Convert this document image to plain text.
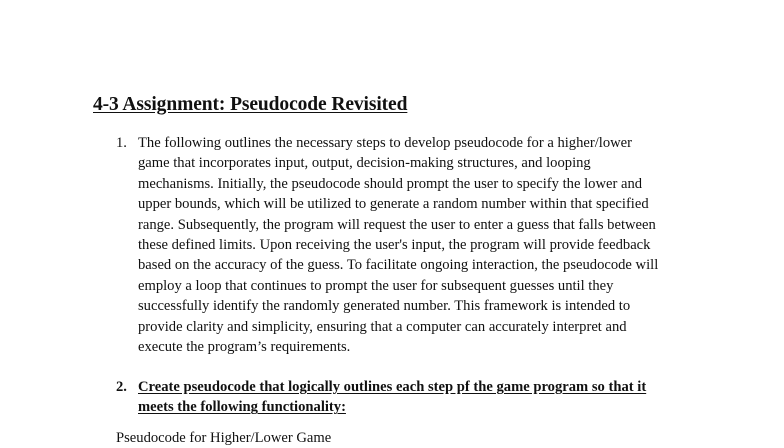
4-3 Assignment: Pseudocode Revisited
1. The following outlines the necessary steps to develop pseudocode for a higher/lower
game that incorporates input, output, decision-making structures, and looping
mechanisms. Initially, the pseudocode should prompt the user to specify the lower and
upper bounds, which will be utilized to generate a random number within that specified
range. Subsequently, the program will request the user to enter a guess that falls between
these defined limits. Upon receiving the user's input, the program will provide feedback
based on the accuracy of the guess. To facilitate ongoing interaction, the pseudocode will
employ a loop that continues to prompt the user for subsequent guesses until they
successfully identify the randomly generated number. This framework is intended to
provide clarity and simplicity, ensuring that a computer can accurately interpret and
execute the program’s requirements.
2. Create pseudocode that logically outlines each step pf the game program so that it
meets the following functionality:
Pseudocode for Higher/Lower Game
